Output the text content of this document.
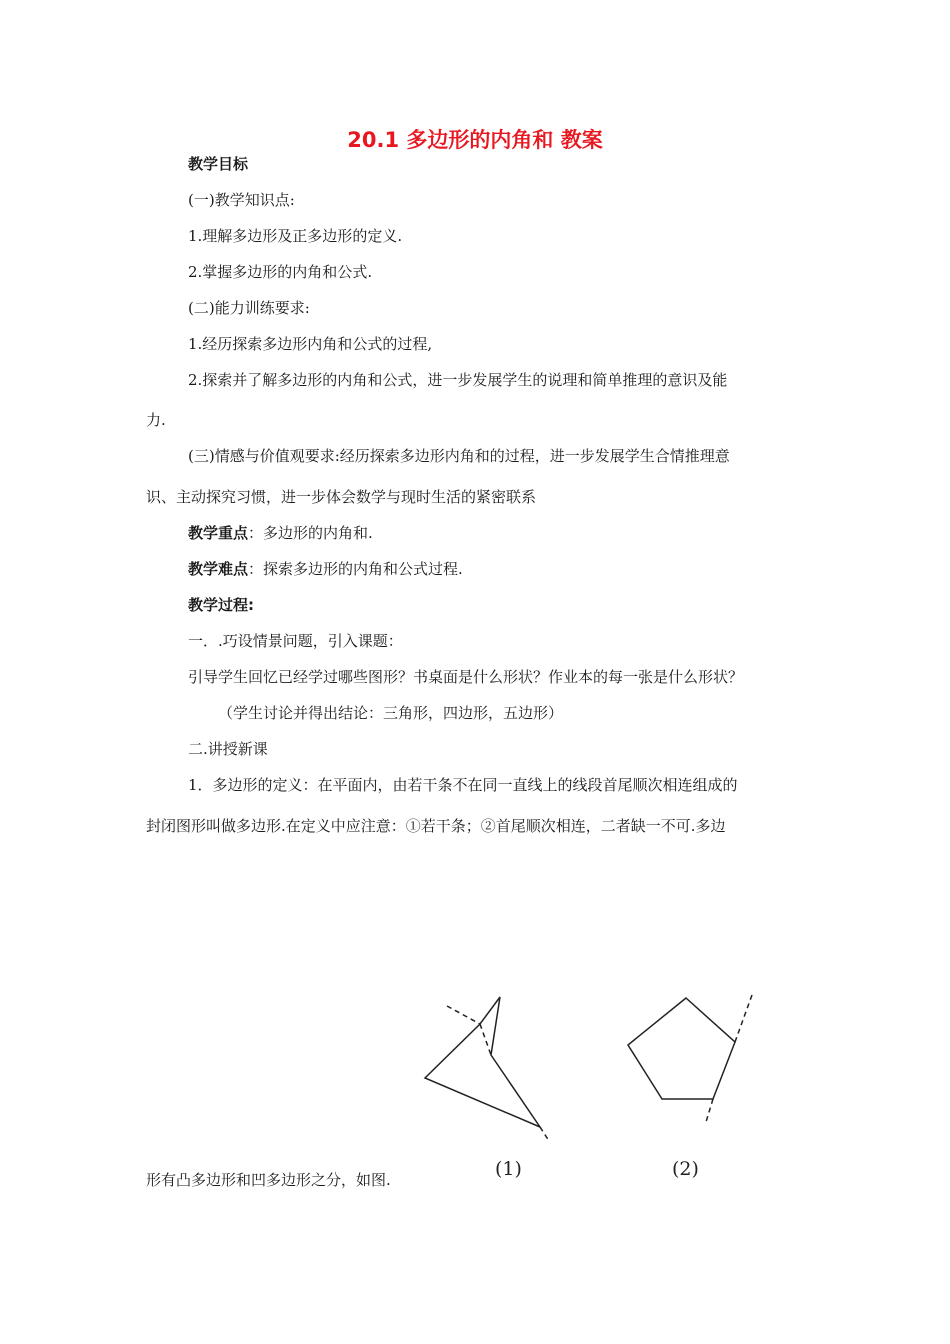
20.1 多边形的内角和 教案
教学目标
(一)教学知识点:
1.理解多边形及正多边形的定义.
2.掌握多边形的内角和公式.
(二)能力训练要求:
1.经历探索多边形内角和公式的过程,
2.探索并了解多边形的内角和公式，进一步发展学生的说理和简单推理的意识及能
力.
(三)情感与价值观要求:经历探索多边形内角和的过程，进一步发展学生合情推理意
识、主动探究习惯，进一步体会数学与现时生活的紧密联系
教学重点：多边形的内角和.
教学难点：探索多边形的内角和公式过程.
教学过程:
一．.巧设情景问题，引入课题：
引导学生回忆已经学过哪些图形？书桌面是什么形状？作业本的每一张是什么形状？
（学生讨论并得出结论：三角形，四边形，五边形）
二.讲授新课
1．多边形的定义：在平面内，由若干条不在同一直线上的线段首尾顺次相连组成的
封闭图形叫做多边形.在定义中应注意：①若干条；②首尾顺次相连，二者缺一不可.多边
形有凸多边形和凹多边形之分，如图.	(1)	(2)
